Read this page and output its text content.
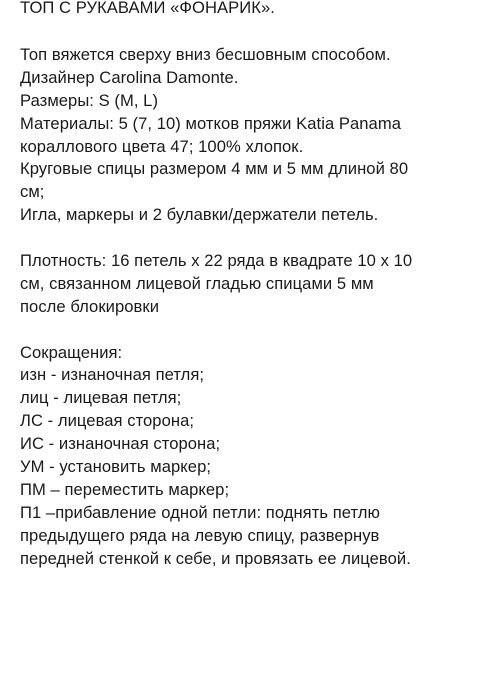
Топ вяжется сверху вниз бесшовным способом.
Дизайнер Carolina Damonte.
Размеры: S (M, L)
Материалы: 5 (7, 10) мотков пряжи Katia Panama
кораллового цвета 47; 100% хлопок.
Круговые спицы размером 4 мм и 5 мм длиной 80
см;
Игла, маркеры и 2 булавки/держатели петель.
Плотность: 16 петель х 22 ряда в квадрате 10 х 10
см, связанном лицевой гладью спицами 5 мм
после блокировки
Сокращения:
изн - изнаночная петля;
лиц - лицевая петля;
ЛС - лицевая сторона;
ИС - изнаночная сторона;
УМ - установить маркер;
ПМ – переместить маркер;
П1 –прибавление одной петли: поднять петлю
предыдущего ряда на левую спицу, развернув
передней стенкой к себе, и провязать ее лицевой.
ТОП С РУКАВАМИ «ФОНАРИК».
